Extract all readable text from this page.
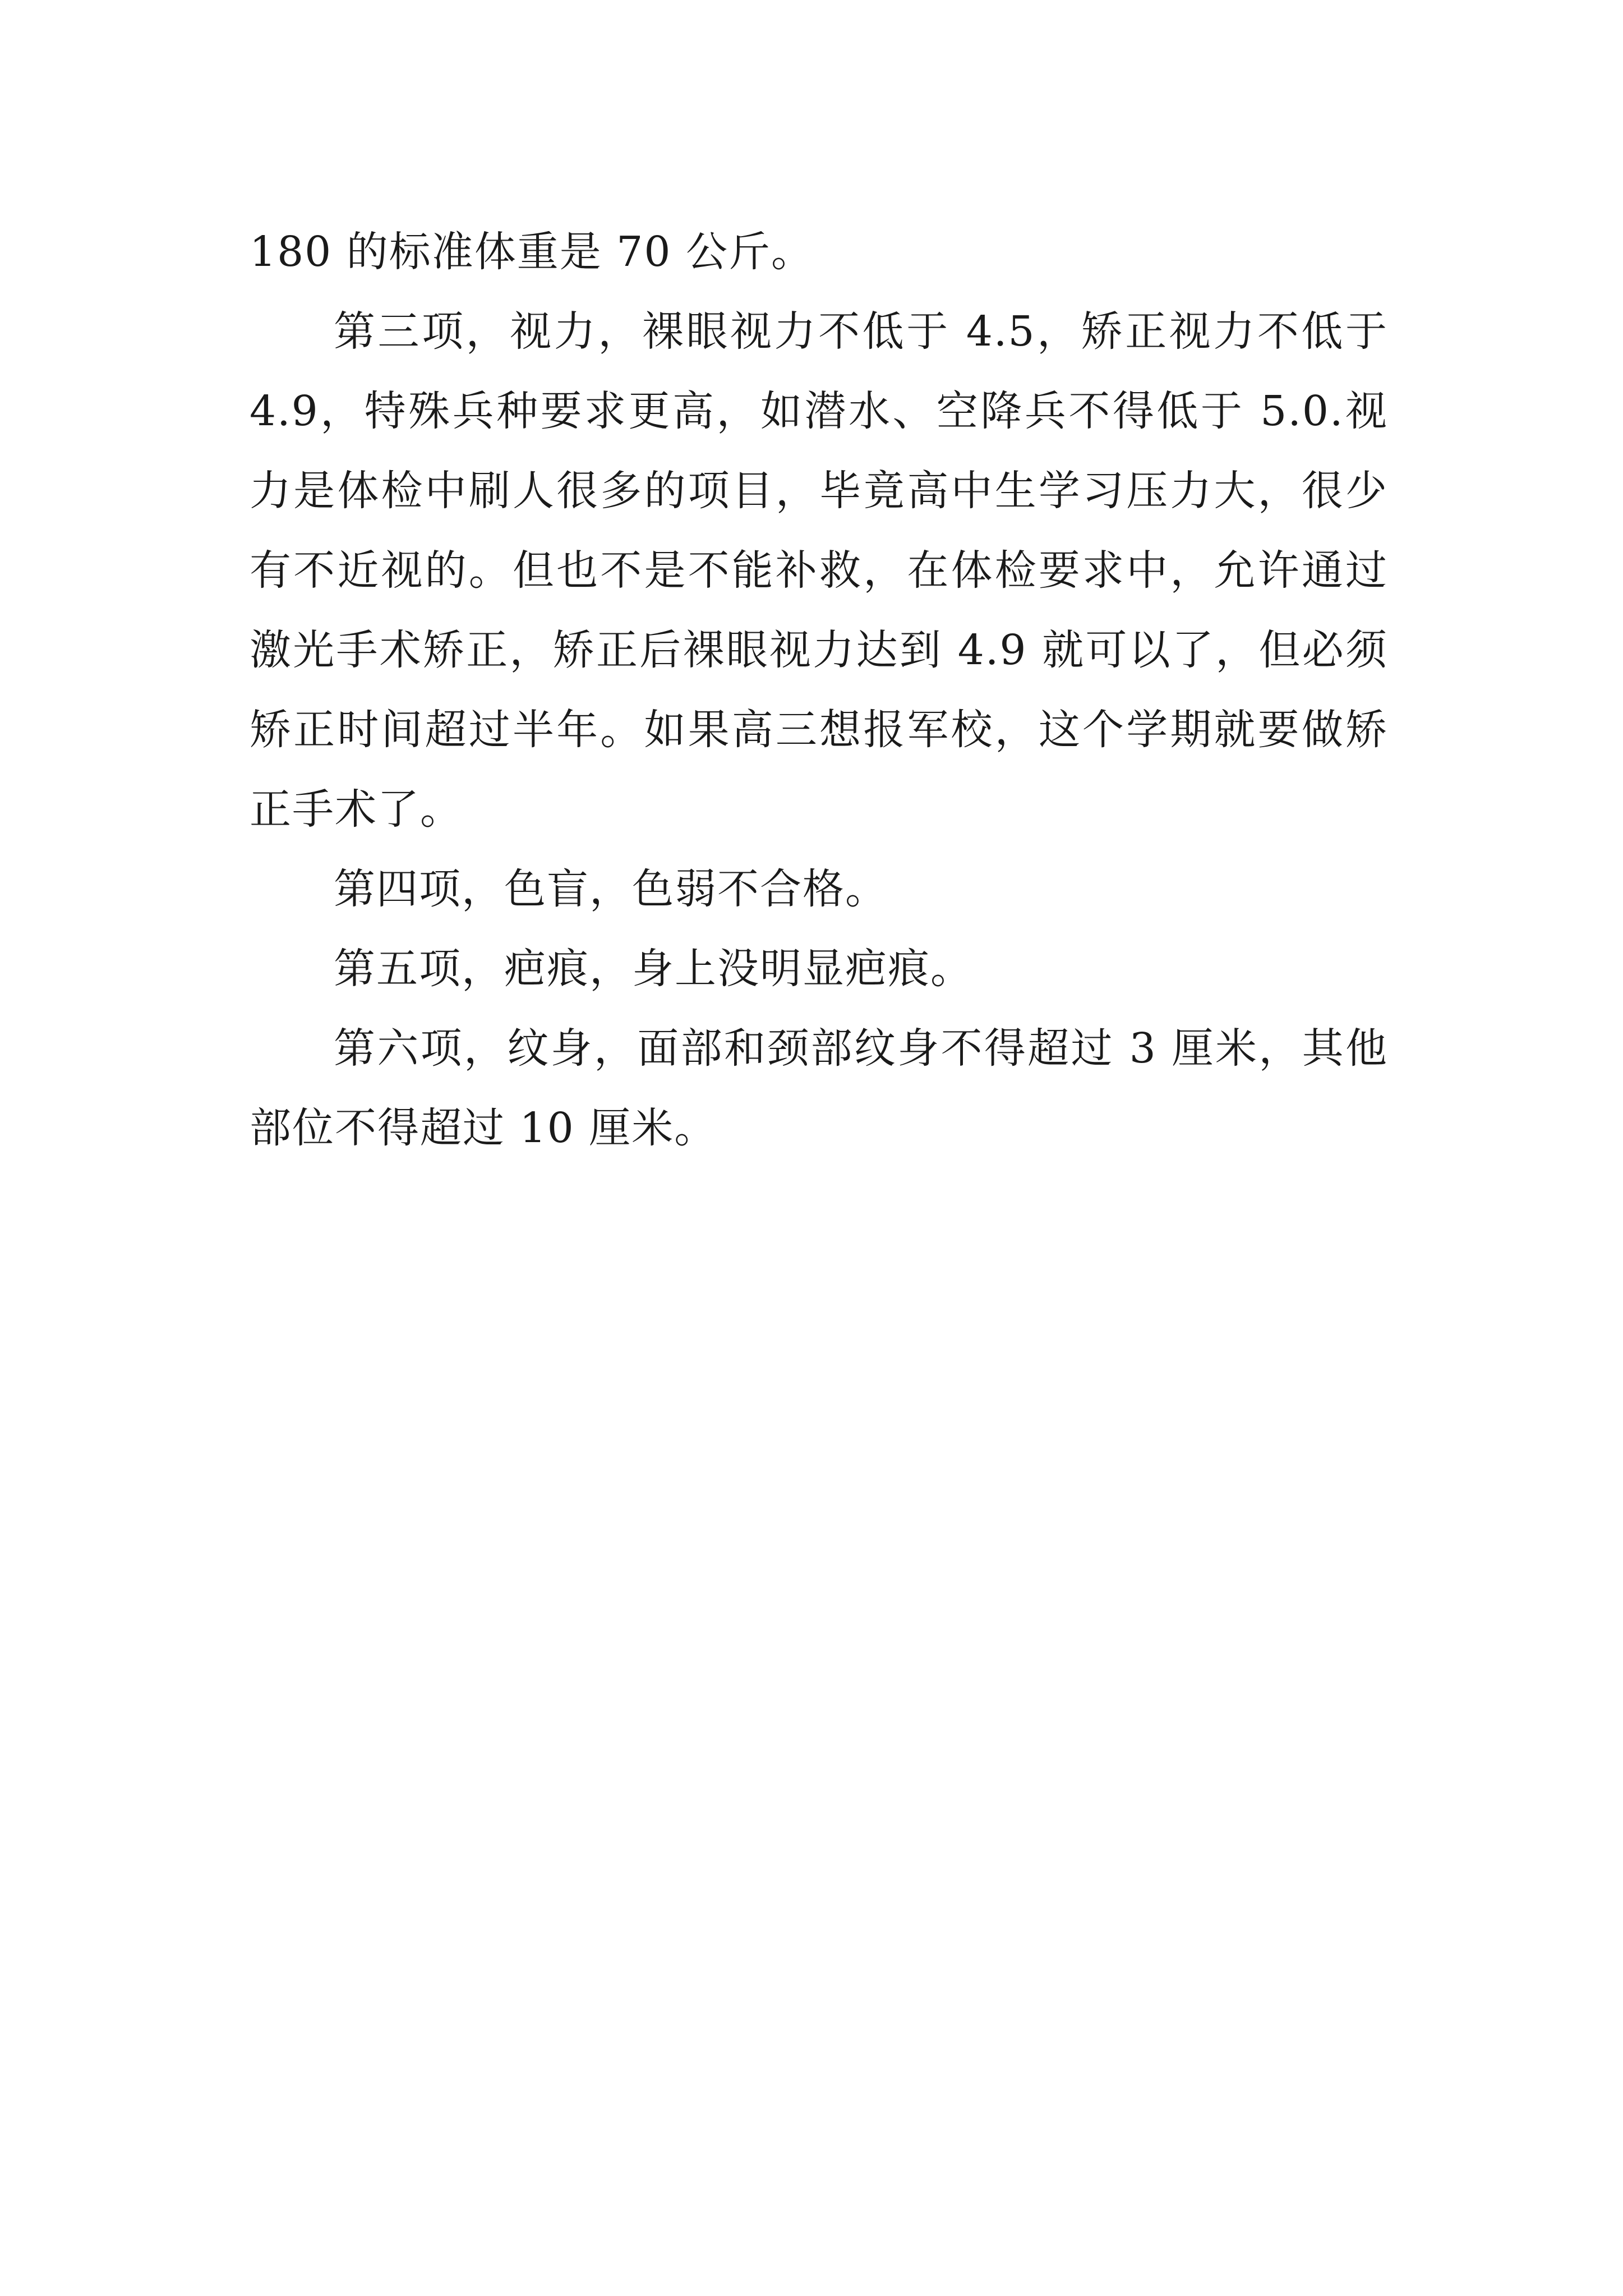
180 的标准体重是 70 公斤。

第三项，视力，裸眼视力不低于 4.5，矫正视力不低于 4.9，特殊兵种要求更高，如潜水、空降兵不得低于 5.0.视力是体检中刷人很多的项目，毕竟高中生学习压力大，很少有不近视的。但也不是不能补救，在体检要求中，允许通过激光手术矫正，矫正后裸眼视力达到 4.9 就可以了，但必须矫正时间超过半年。如果高三想报军校，这个学期就要做矫正手术了。

第四项，色盲，色弱不合格。

第五项，疤痕，身上没明显疤痕。

第六项，纹身，面部和颈部纹身不得超过 3 厘米，其他部位不得超过 10 厘米。
